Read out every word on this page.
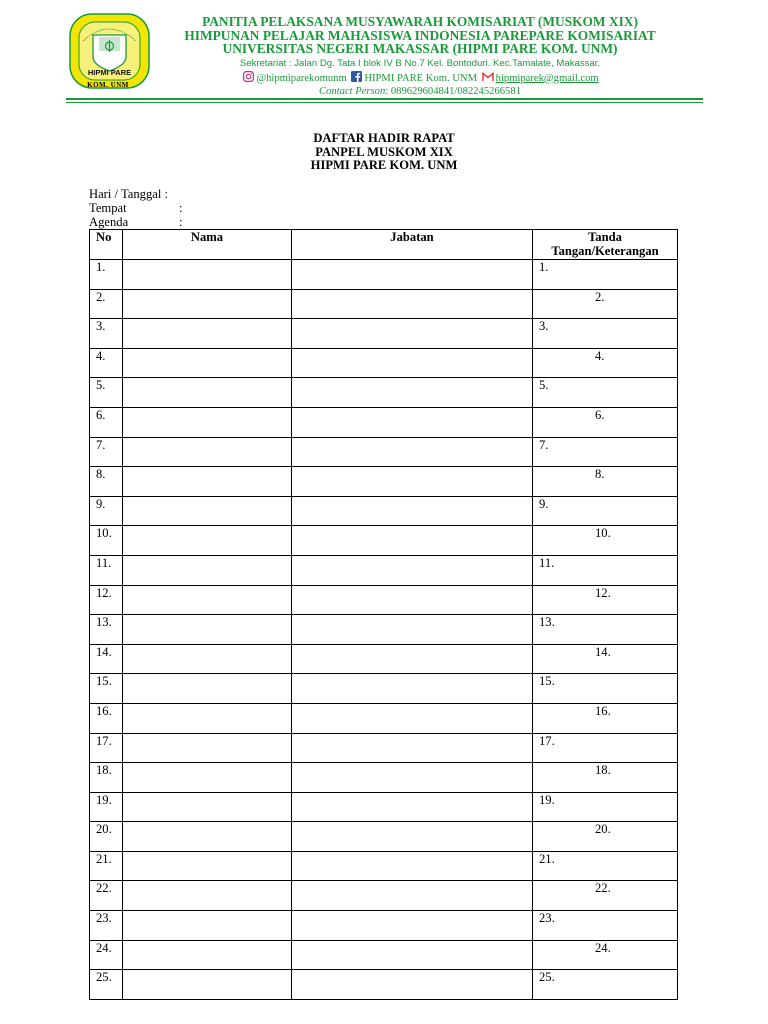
HIPMI PARE
KOM. UNM
PANITIA PELAKSANA MUSYAWARAH KOMISARIAT (MUSKOM XIX)
HIMPUNAN PELAJAR MAHASISWA INDONESIA PAREPARE KOMISARIAT
UNIVERSITAS NEGERI MAKASSAR (HIPMI PARE KOM. UNM)
Sekretariat : Jalan Dg. Tata I blok IV B No.7 Kel. Bontoduri. Kec.Tamalate, Makassar.
@hipmiparekomunm HIPMI PARE Kom. UNM hipmiparek@gmail.com
Contact Person: 089629604841/082245266581
DAFTAR HADIR RAPAT
PANPEL MUSKOM XIX
HIPMI PARE KOM. UNM
Hari / Tanggal :
Tempat	:
Agenda	:
No	Nama	Jabatan	Tanda
Tangan/Keterangan

1.			1.
2.			2.
3.			3.
4.			4.
5.			5.
6.			6.
7.			7.
8.			8.
9.			9.
10.			10.
11.			11.
12.			12.
13.			13.
14.			14.
15.			15.
16.			16.
17.			17.
18.			18.
19.			19.
20.			20.
21.			21.
22.			22.
23.			23.
24.			24.
25.			25.
